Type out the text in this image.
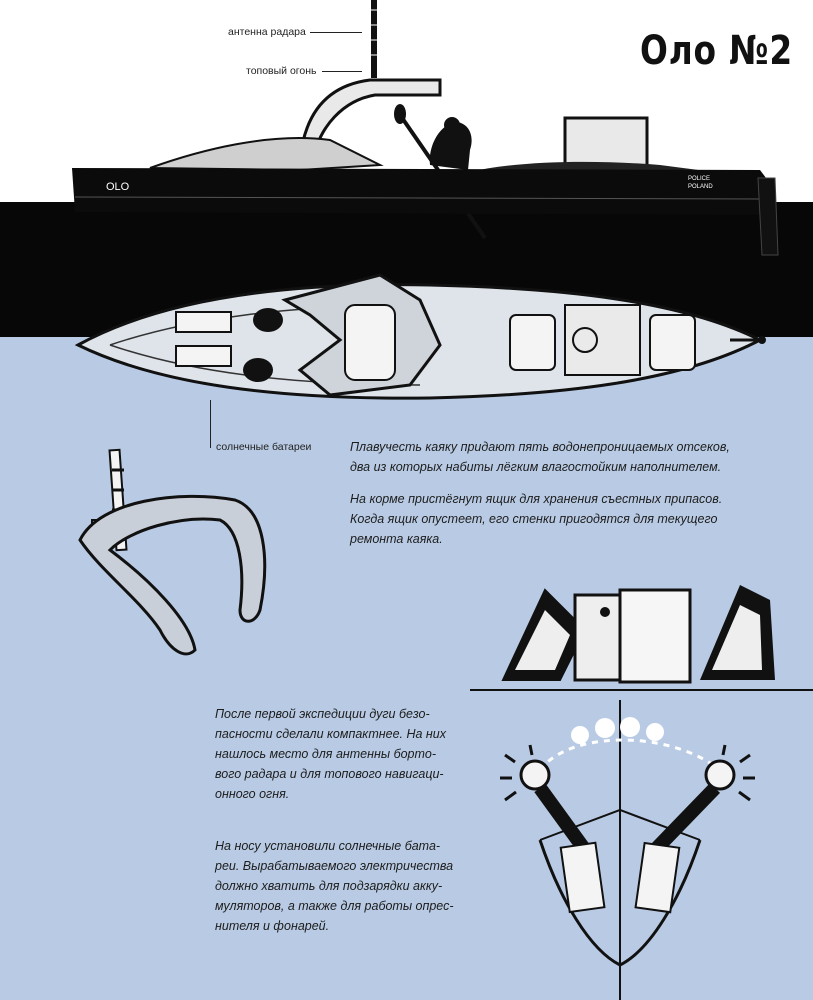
OLO
POLICE
POLAND
Оло №2
антенна радара
топовый огонь
солнечные батареи	Плавучесть каяку придают пять водонепроницаемых отсеков,
два из которых набиты лёгким влагостойким наполнителем.

На корме пристёгнут ящик для хранения съестных припасов.
Когда ящик опустеет, его стенки пригодятся для текущего
ремонта каяка.

После первой экспедиции дуги безо-
пасности сделали компактнее. На них
нашлось место для антенны бортo-
вого радара и для топового навигаци-
онного огня.

На носу установили солнечные бата-
реи. Вырабатываемого электричества
должно хватить для подзарядки акку-
муляторов, а также для работы опрес-
нителя и фонарей.
